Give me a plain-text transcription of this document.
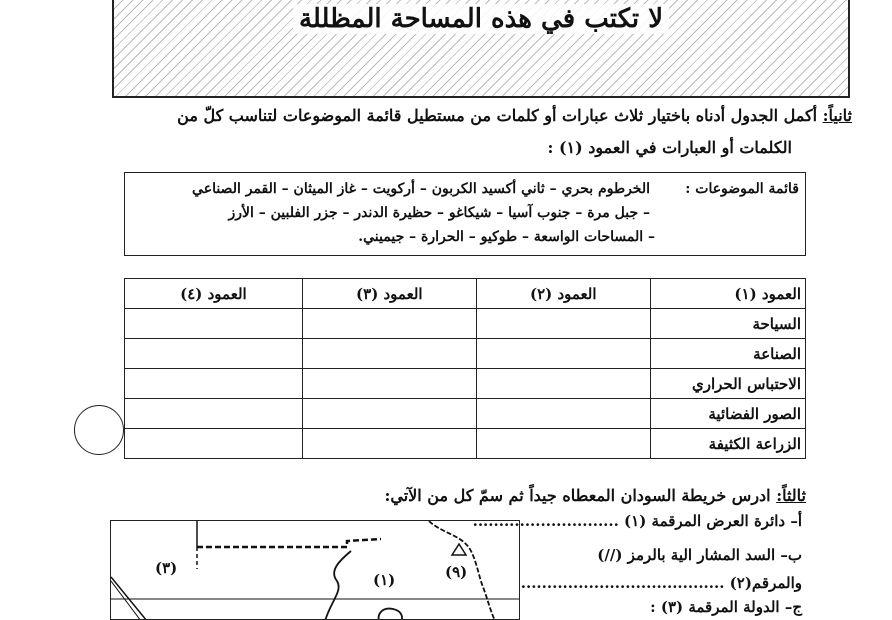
لا تكتب في هذه المساحة المظللة
ثانياً: أكمل الجدول أدناه باختيار ثلاث عبارات أو كلمات من مستطيل قائمة الموضوعات لتناسب كلّ من
الكلمات أو العبارات في العمود (١) :
قائمة الموضوعات :
الخرطوم بحري – ثاني أكسيد الكربون – أركويت – غاز الميثان – القمر الصناعي
– جبل مرة – جنوب آسيا – شيكاغو – حظيرة الدندر – جزر الفلبين – الأرز
– المساحات الواسعة – طوكيو – الحرارة – جيميني.
العمود (١)	العمود (٢)	العمود (٣)	العمود (٤)
السياحة			
الصناعة			
الاحتباس الحراري			
الصور الفضائية			
الزراعة الكثيفة			
ثالثاً: ادرس خريطة السودان المعطاه جيداً ثم سمّ كل من الآتي:
أ– دائرة العرض المرقمة (١) ............................
ب– السد المشار الية بالرمز (//)
والمرقم(٢) .......................................
ج– الدولة المرقمة (٣) :
(٣)
(١)	(٩)
